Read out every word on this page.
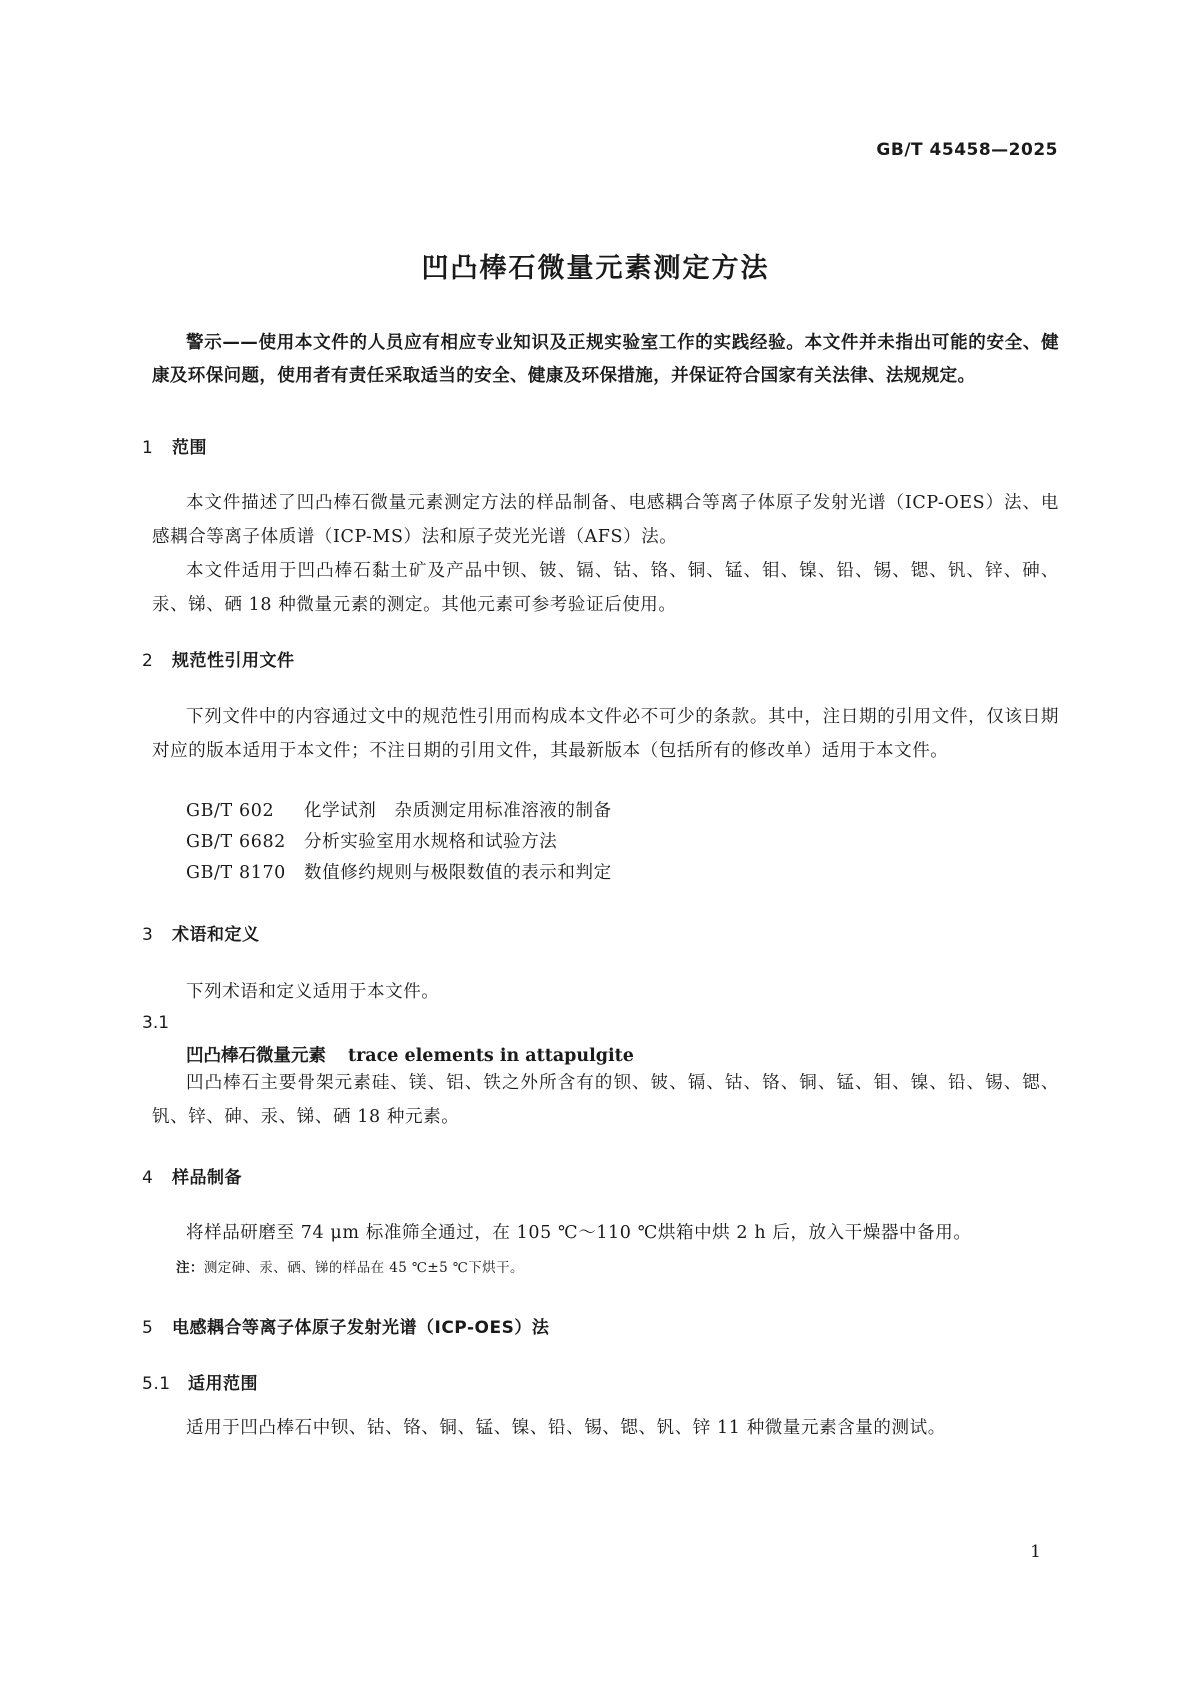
GB/T 45458—2025
凹凸棒石微量元素测定方法
警示——使用本文件的人员应有相应专业知识及正规实验室工作的实践经验。本文件并未指出可能的安全、健康及环保问题，使用者有责任采取适当的安全、健康及环保措施，并保证符合国家有关法律、法规规定。
1 范围
本文件描述了凹凸棒石微量元素测定方法的样品制备、电感耦合等离子体原子发射光谱（ICP-OES）法、电感耦合等离子体质谱（ICP-MS）法和原子荧光光谱（AFS）法。
本文件适用于凹凸棒石黏土矿及产品中钡、铍、镉、钴、铬、铜、锰、钼、镍、铅、锡、锶、钒、锌、砷、汞、锑、硒 18 种微量元素的测定。其他元素可参考验证后使用。
2 规范性引用文件
下列文件中的内容通过文中的规范性引用而构成本文件必不可少的条款。其中，注日期的引用文件，仅该日期对应的版本适用于本文件；不注日期的引用文件，其最新版本（包括所有的修改单）适用于本文件。
GB/T 602 化学试剂　杂质测定用标准溶液的制备
GB/T 6682 分析实验室用水规格和试验方法
GB/T 8170 数值修约规则与极限数值的表示和判定
3 术语和定义
下列术语和定义适用于本文件。
3.1
凹凸棒石微量元素 trace elements in attapulgite
凹凸棒石主要骨架元素硅、镁、铝、铁之外所含有的钡、铍、镉、钴、铬、铜、锰、钼、镍、铅、锡、锶、钒、锌、砷、汞、锑、硒 18 种元素。
4 样品制备
将样品研磨至 74 μm 标准筛全通过，在 105 ℃～110 ℃烘箱中烘 2 h 后，放入干燥器中备用。
注：测定砷、汞、硒、锑的样品在 45 ℃±5 ℃下烘干。
5 电感耦合等离子体原子发射光谱（ICP-OES）法
5.1 适用范围
适用于凹凸棒石中钡、钴、铬、铜、锰、镍、铅、锡、锶、钒、锌 11 种微量元素含量的测试。
1
